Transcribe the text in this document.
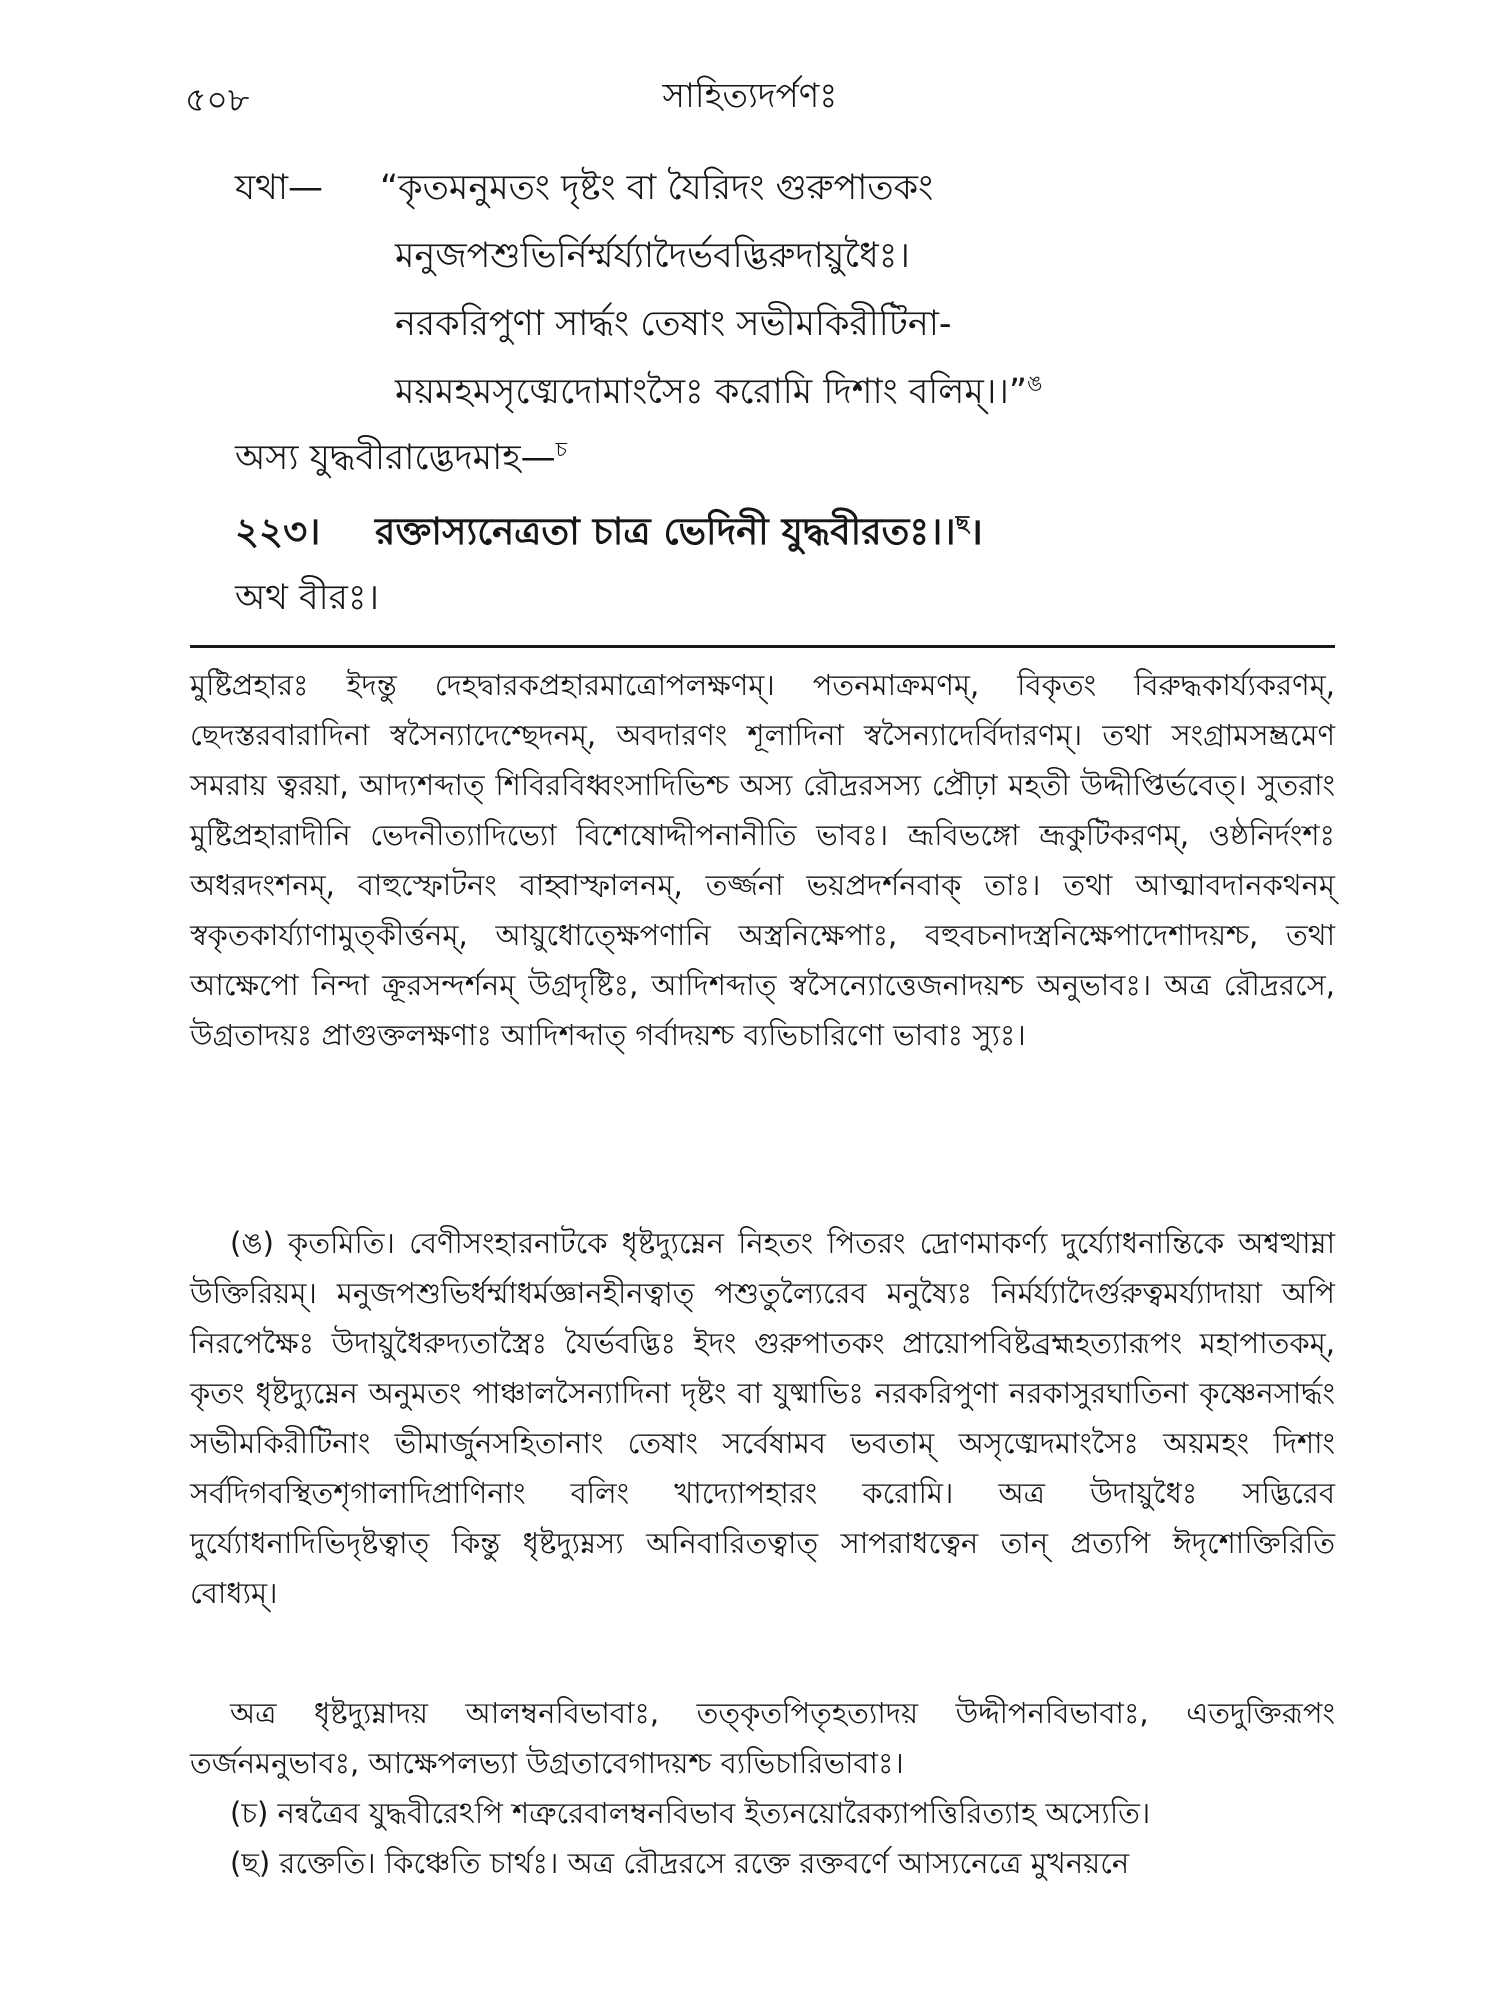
৫০৮	সাহিত্যদর্পণঃ
যথা— “কৃতমনুমতং দৃষ্টং বা যৈরিদং গুরুপাতকং
মনুজপশুভির্নির্ম্মর্য্যাদৈর্ভবদ্ভিরুদায়ুধৈঃ।
নরকরিপুণা সার্দ্ধং তেষাং সভীমকিরীটিনা-
ময়মহমসৃঙ্মেদোমাংসৈঃ করোমি দিশাং বলিম্।।”$^ঙ$
অস্য যুদ্ধবীরাদ্ভেদমাহ—$^চ$
২২৩। রক্তাস্যনেত্রতা চাত্র ভেদিনী যুদ্ধবীরতঃ।।$^ছ$।
অথ বীরঃ।

মুষ্টিপ্রহারঃ ইদন্তু দেহদ্বারকপ্রহারমাত্রোপলক্ষণম্। পতনমাক্রমণম্, বিকৃতং বিরুদ্ধকার্য্যকরণম্, ছেদস্তরবারাদিনা স্বসৈন্যাদেশ্ছেদনম্, অবদারণং শূলাদিনা স্বসৈন্যাদের্বিদারণম্। তথা সংগ্রামসম্ভ্রমেণ সমরায় ত্বরয়া, আদ্যশব্দাত্ শিবিরবিধ্বংসাদিভিশ্চ অস্য রৌদ্ররসস্য প্রৌঢ়া মহতী উদ্দীপ্তির্ভবেত্। সুতরাং মুষ্টিপ্রহারাদীনি ভেদনীত্যাদিভ্যো বিশেষোদ্দীপনানীতি ভাবঃ। ভ্রূবিভঙ্গো ভ্রূকুটিকরণম্, ওষ্ঠনির্দংশঃ অধরদংশনম্, বাহুস্ফোটনং বাহ্বাস্ফালনম্, তর্জ্জনা ভয়প্রদর্শনবাক্ তাঃ। তথা আত্মাবদানকথনম্ স্বকৃতকার্য্যাণামুত্কীর্ত্তনম্, আয়ুধোত্ক্ষেপণানি অস্ত্রনিক্ষেপাঃ, বহুবচনাদস্ত্রনিক্ষেপাদেশাদয়শ্চ, তথা আক্ষেপো নিন্দা ক্রূরসন্দর্শনম্ উগ্রদৃষ্টিঃ, আদিশব্দাত্ স্বসৈন্যোত্তেজনাদয়শ্চ অনুভাবঃ। অত্র রৌদ্ররসে, উগ্রতাদয়ঃ প্রাগুক্তলক্ষণাঃ আদিশব্দাত্ গর্বাদয়শ্চ ব্যভিচারিণো ভাবাঃ স্যুঃ।

(ঙ) কৃতমিতি। বেণীসংহারনাটকে ধৃষ্টদ্যুম্নেন নিহতং পিতরং দ্রোণমাকর্ণ্য দুর্য্যোধনান্তিকে অশ্বত্থাম্না উক্তিরিয়ম্। মনুজপশুভির্ধর্ম্মাধর্মজ্ঞানহীনত্বাত্ পশুতুল্যৈরেব মনুষ্যৈঃ নির্মর্য্যাদৈর্গুরুত্বমর্য্যাদায়া অপি নিরপেক্ষৈঃ উদায়ুধৈরুদ্যতাস্ত্রৈঃ যৈর্ভবদ্ভিঃ ইদং গুরুপাতকং প্রায়োপবিষ্টব্রহ্মহত্যারূপং মহাপাতকম্, কৃতং ধৃষ্টদ্যুম্নেন অনুমতং পাঞ্চালসৈন্যাদিনা দৃষ্টং বা যুষ্মাভিঃ নরকরিপুণা নরকাসুরঘাতিনা কৃষ্ণেনসার্দ্ধং সভীমকিরীটিনাং ভীমার্জুনসহিতানাং তেষাং সর্বেষামব ভবতাম্ অসৃঙ্মেদমাংসৈঃ অয়মহং দিশাং সর্বদিগবস্থিতশৃগালাদিপ্রাণিনাং বলিং খাদ্যোপহারং করোমি। অত্র উদায়ুধৈঃ সদ্ভিরেব দুর্য্যোধনাদিভিদৃষ্টত্বাত্ কিন্তু ধৃষ্টদ্যুম্নস্য অনিবারিতত্বাত্ সাপরাধত্বেন তান্ প্রত্যপি ঈদৃশোক্তিরিতি বোধ্যম্।

অত্র ধৃষ্টদ্যুম্নাদয় আলম্বনবিভাবাঃ, তত্কৃতপিতৃহত্যাদয় উদ্দীপনবিভাবাঃ, এতদুক্তিরূপং তর্জনমনুভাবঃ, আক্ষেপলভ্যা উগ্রতাবেগাদয়শ্চ ব্যভিচারিভাবাঃ।

(চ) নন্বত্রৈব যুদ্ধবীরেঽপি শত্রুরেবালম্বনবিভাব ইত্যনয়োরৈক্যাপত্তিরিত্যাহ অস্যেতি।

(ছ) রক্তেতি। কিঞ্চেতি চার্থঃ। অত্র রৌদ্ররসে রক্তে রক্তবর্ণে আস্যনেত্রে মুখনয়নে
